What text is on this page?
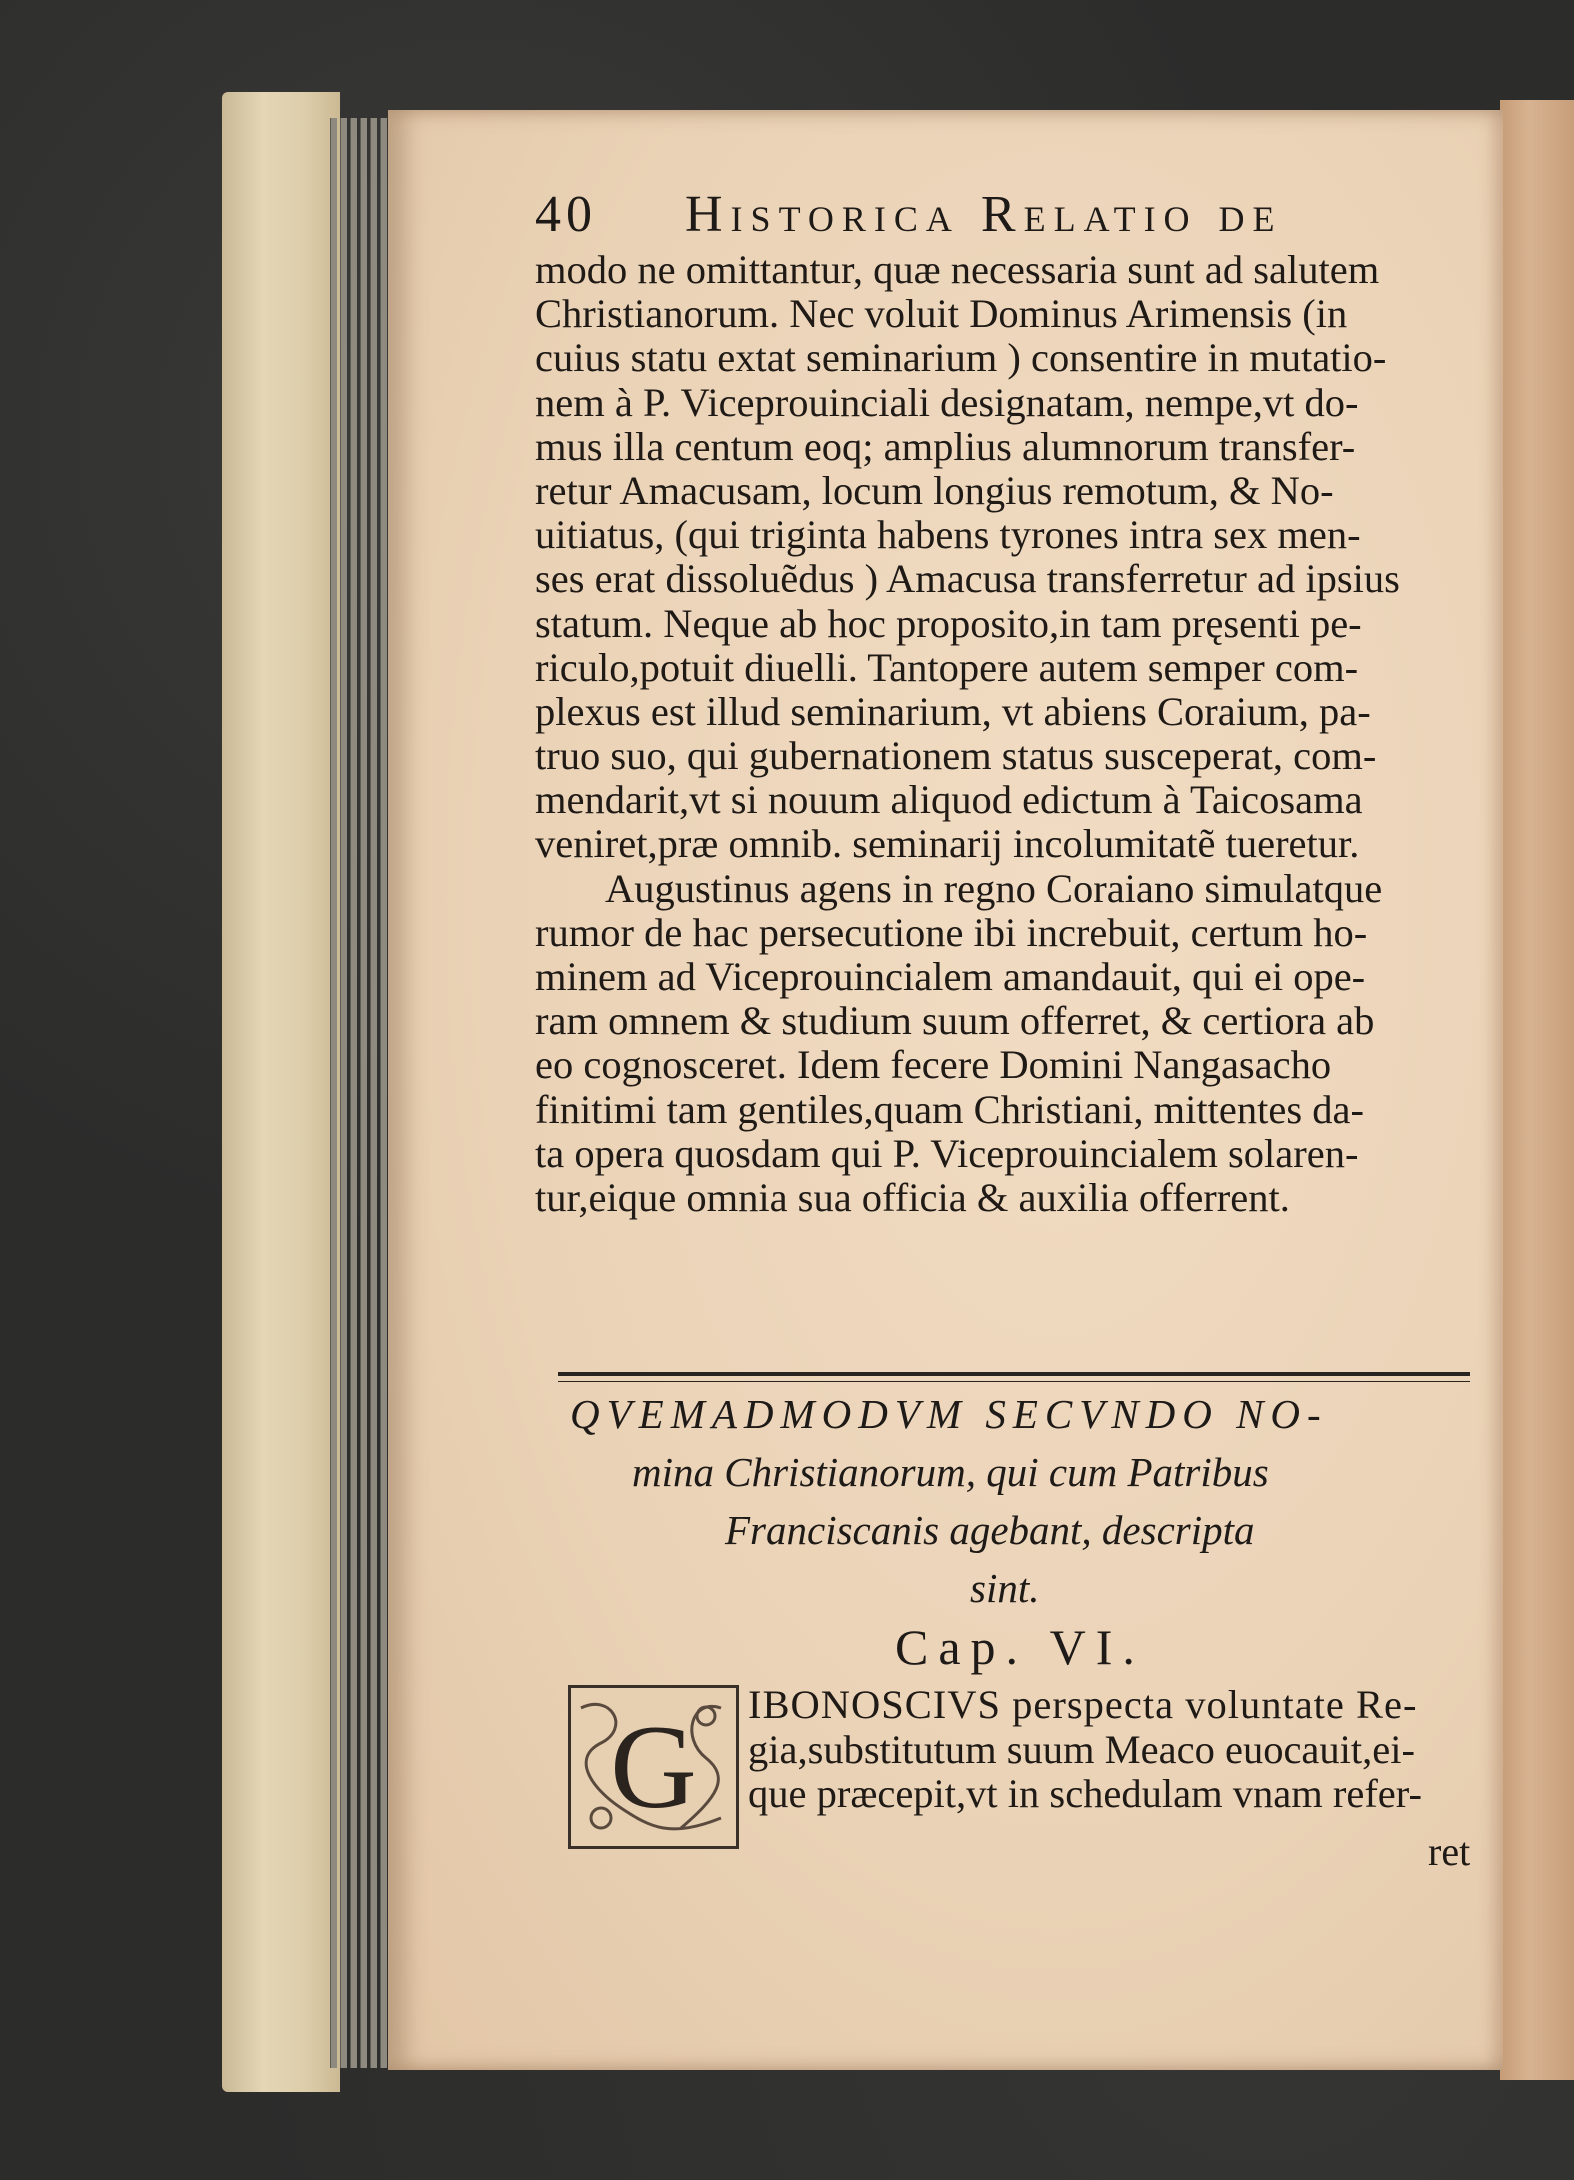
40 Historica Relatio de
modo ne omittantur, quæ necessaria sunt ad salutem
Christianorum. Nec voluit Dominus Arimensis (in
cuius statu extat seminarium ) consentire in mutatio-
nem à P. Viceprouinciali designatam, nempe,vt do-
mus illa centum eoq; amplius alumnorum transfer-
retur Amacusam, locum longius remotum, & No-
uitiatus, (qui triginta habens tyrones intra sex men-
ses erat dissoluẽdus ) Amacusa transferretur ad ipsius
statum. Neque ab hoc proposito,in tam pręsenti pe-
riculo,potuit diuelli. Tantopere autem semper com-
plexus est illud seminarium, vt abiens Coraium, pa-
truo suo, qui gubernationem status susceperat, com-
mendarit,vt si nouum aliquod edictum à Taicosama
veniret,præ omnib. seminarij incolumitatẽ tueretur.
Augustinus agens in regno Coraiano simulatque
rumor de hac persecutione ibi increbuit, certum ho-
minem ad Viceprouincialem amandauit, qui ei ope-
ram omnem & studium suum offerret, & certiora ab
eo cognosceret. Idem fecere Domini Nangasacho
finitimi tam gentiles,quam Christiani, mittentes da-
ta opera quosdam qui P. Viceprouincialem solaren-
tur,eique omnia sua officia & auxilia offerrent.
QVEMADMODVM SECVNDO NO-
mina Christianorum, qui cum Patribus
Franciscanis agebant, descripta
sint.
Cap. VI.
G	IBONOSCIVS perspecta voluntate Re-
gia,substitutum suum Meaco euocauit,ei-
que præcepit,vt in schedulam vnam refer-
ret
